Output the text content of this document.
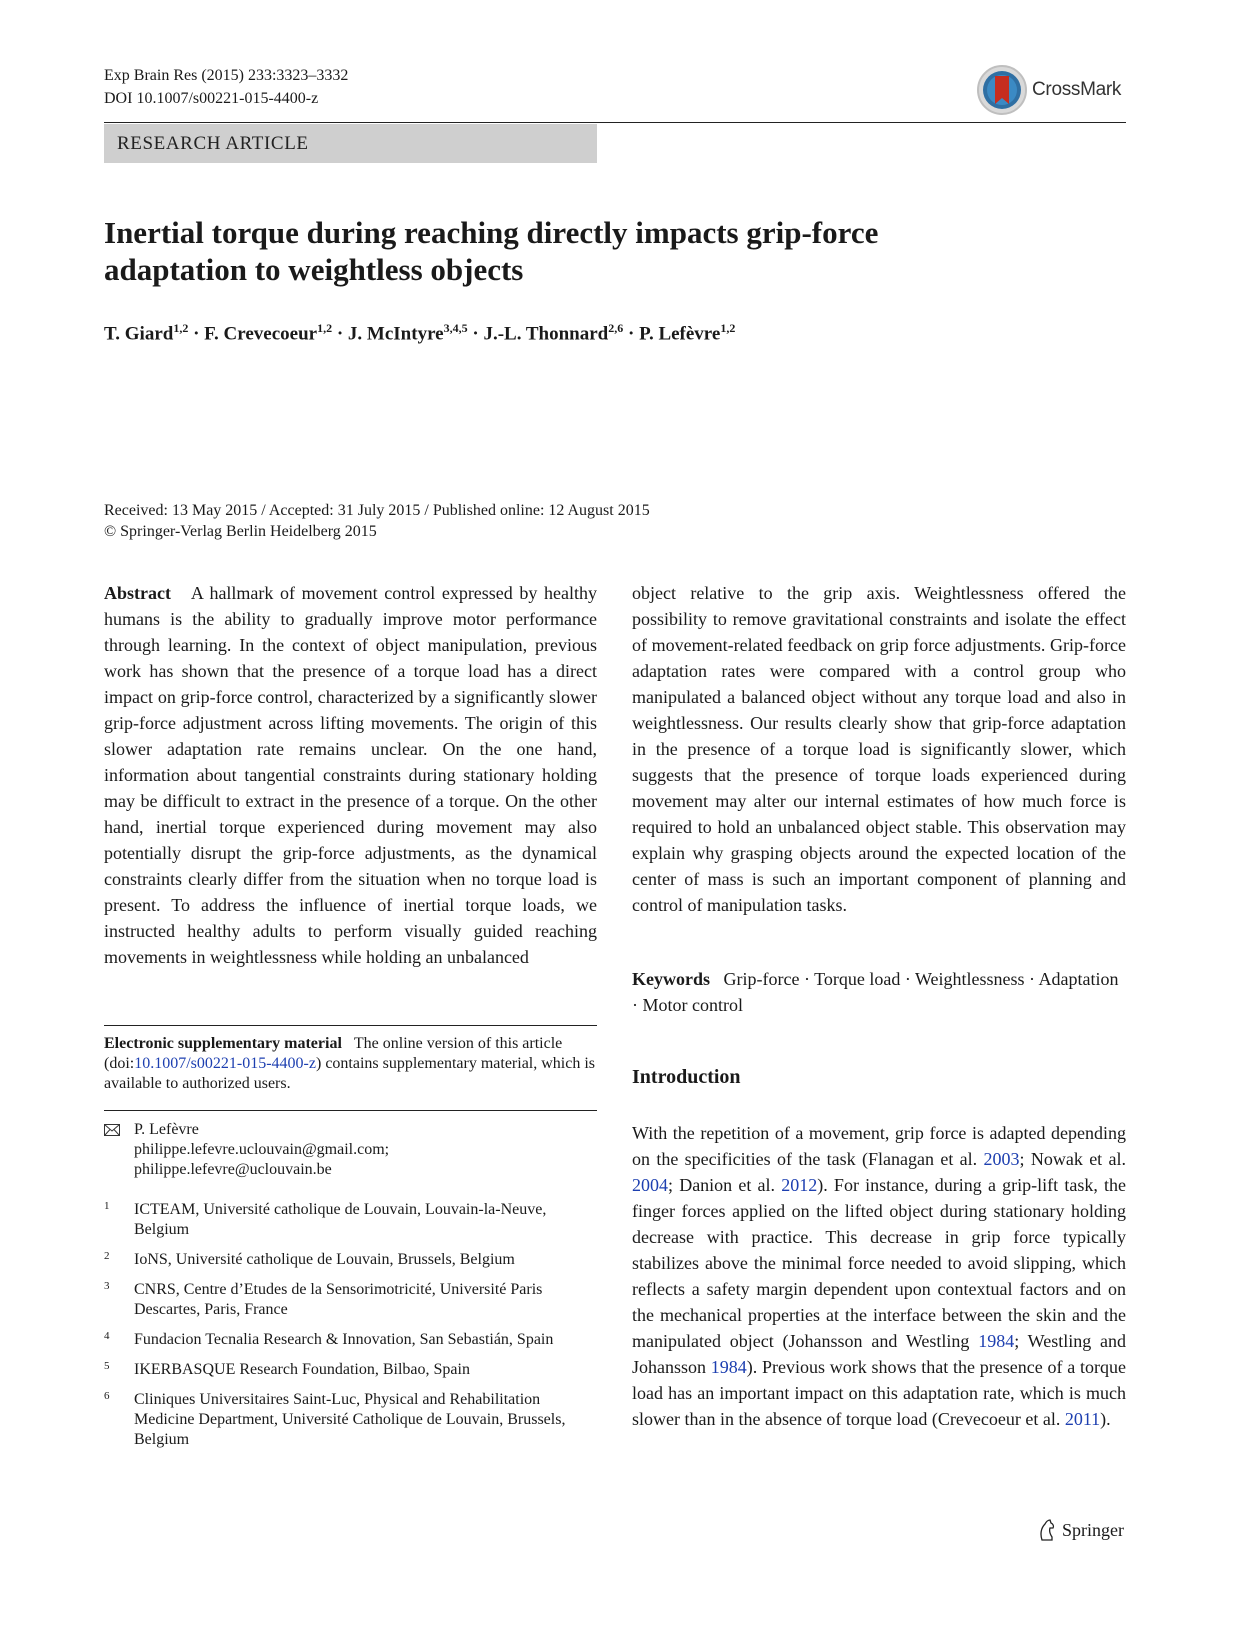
Exp Brain Res (2015) 233:3323–3332
DOI 10.1007/s00221-015-4400-z	CrossMark
RESEARCH ARTICLE
Inertial torque during reaching directly impacts grip-force adaptation to weightless objects
T. Giard$^{1,2}$ · F. Crevecoeur$^{1,2}$ · J. McIntyre$^{3,4,5}$ · J.-L. Thonnard$^{2,6}$ · P. Lefèvre$^{1,2}$
Received: 13 May 2015 / Accepted: 31 July 2015 / Published online: 12 August 2015
© Springer-Verlag Berlin Heidelberg 2015

Abstract A hallmark of movement control expressed by healthy humans is the ability to gradually improve motor performance through learning. In the context of object manipulation, previous work has shown that the presence of a torque load has a direct impact on grip-force control, characterized by a significantly slower grip-force adjustment across lifting movements. The origin of this slower adaptation rate remains unclear. On the one hand, information about tangential constraints during stationary holding may be difficult to extract in the presence of a torque. On the other hand, inertial torque experienced during movement may also potentially disrupt the grip-force adjustments, as the dynamical constraints clearly differ from the situation when no torque load is present. To address the influence of inertial torque loads, we instructed healthy adults to perform visually guided reaching movements in weightlessness while holding an unbalanced

object relative to the grip axis. Weightlessness offered the possibility to remove gravitational constraints and isolate the effect of movement-related feedback on grip force adjustments. Grip-force adaptation rates were compared with a control group who manipulated a balanced object without any torque load and also in weightlessness. Our results clearly show that grip-force adaptation in the presence of a torque load is significantly slower, which suggests that the presence of torque loads experienced during movement may alter our internal estimates of how much force is required to hold an unbalanced object stable. This observation may explain why grasping objects around the expected location of the center of mass is such an important component of planning and control of manipulation tasks.

Keywords Grip-force · Torque load · Weightlessness · Adaptation · Motor control
Electronic supplementary material The online version of this article (doi:10.1007/s00221-015-4400-z) contains supplementary material, which is available to authorized users.
P. Lefèvre
philippe.lefevre.uclouvain@gmail.com;
philippe.lefevre@uclouvain.be
1 ICTEAM, Université catholique de Louvain, Louvain-la-Neuve, Belgium
2 IoNS, Université catholique de Louvain, Brussels, Belgium
3 CNRS, Centre d’Etudes de la Sensorimotricité, Université Paris Descartes, Paris, France
4 Fundacion Tecnalia Research & Innovation, San Sebastián, Spain
5 IKERBASQUE Research Foundation, Bilbao, Spain
6 Cliniques Universitaires Saint-Luc, Physical and Rehabilitation Medicine Department, Université Catholique de Louvain, Brussels, Belgium
Introduction

With the repetition of a movement, grip force is adapted depending on the specificities of the task (Flanagan et al. 2003; Nowak et al. 2004; Danion et al. 2012). For instance, during a grip-lift task, the finger forces applied on the lifted object during stationary holding decrease with practice. This decrease in grip force typically stabilizes above the minimal force needed to avoid slipping, which reflects a safety margin dependent upon contextual factors and on the mechanical properties at the interface between the skin and the manipulated object (Johansson and Westling 1984; Westling and Johansson 1984). Previous work shows that the presence of a torque load has an important impact on this adaptation rate, which is much slower than in the absence of torque load (Crevecoeur et al. 2011).

Springer
